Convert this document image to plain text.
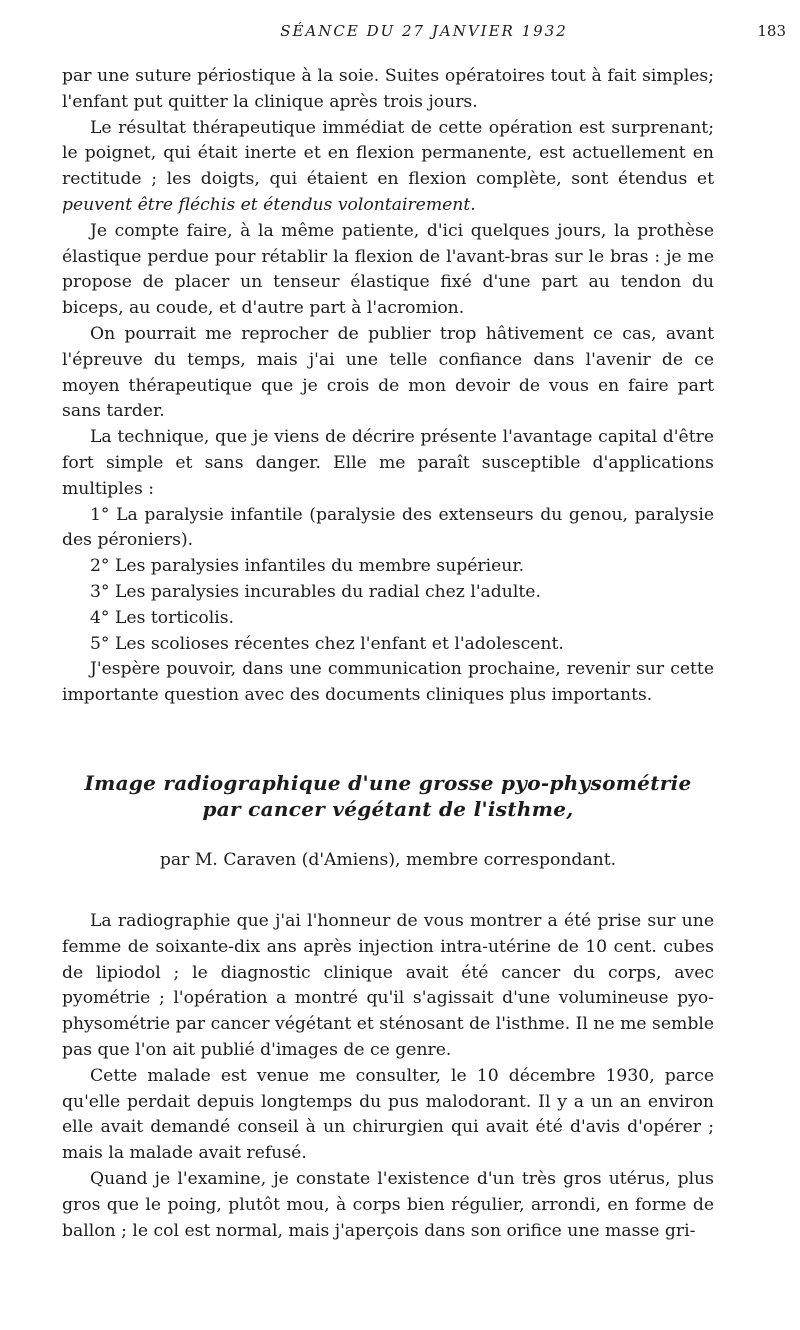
SÉANCE DU 27 JANVIER 1932	183

par une suture périostique à la soie. Suites opératoires tout à fait simples; l'enfant put quitter la clinique après trois jours.

Le résultat thérapeutique immédiat de cette opération est surprenant; le poignet, qui était inerte et en flexion permanente, est actuellement en rectitude ; les doigts, qui étaient en flexion complète, sont étendus et peuvent être fléchis et étendus volontairement.

Je compte faire, à la même patiente, d'ici quelques jours, la prothèse élastique perdue pour rétablir la flexion de l'avant-bras sur le bras : je me propose de placer un tenseur élastique fixé d'une part au tendon du biceps, au coude, et d'autre part à l'acromion.

On pourrait me reprocher de publier trop hâtivement ce cas, avant l'épreuve du temps, mais j'ai une telle confiance dans l'avenir de ce moyen thérapeutique que je crois de mon devoir de vous en faire part sans tarder.

La technique, que je viens de décrire présente l'avantage capital d'être fort simple et sans danger. Elle me paraît susceptible d'applications multiples :

1° La paralysie infantile (paralysie des extenseurs du genou, paralysie des péroniers).

2° Les paralysies infantiles du membre supérieur.

3° Les paralysies incurables du radial chez l'adulte.

4° Les torticolis.

5° Les scolioses récentes chez l'enfant et l'adolescent.

J'espère pouvoir, dans une communication prochaine, revenir sur cette importante question avec des documents cliniques plus importants.

Image radiographique d'une grosse pyo-physométrie
par cancer végétant de l'isthme,
par M. Caraven (d'Amiens), membre correspondant.

La radiographie que j'ai l'honneur de vous montrer a été prise sur une femme de soixante-dix ans après injection intra-utérine de 10 cent. cubes de lipiodol ; le diagnostic clinique avait été cancer du corps, avec pyométrie ; l'opération a montré qu'il s'agissait d'une volumineuse pyo-physométrie par cancer végétant et sténosant de l'isthme. Il ne me semble pas que l'on ait publié d'images de ce genre.

Cette malade est venue me consulter, le 10 décembre 1930, parce qu'elle perdait depuis longtemps du pus malodorant. Il y a un an environ elle avait demandé conseil à un chirurgien qui avait été d'avis d'opérer ; mais la malade avait refusé.

Quand je l'examine, je constate l'existence d'un très gros utérus, plus gros que le poing, plutôt mou, à corps bien régulier, arrondi, en forme de ballon ; le col est normal, mais j'aperçois dans son orifice une masse gri-
